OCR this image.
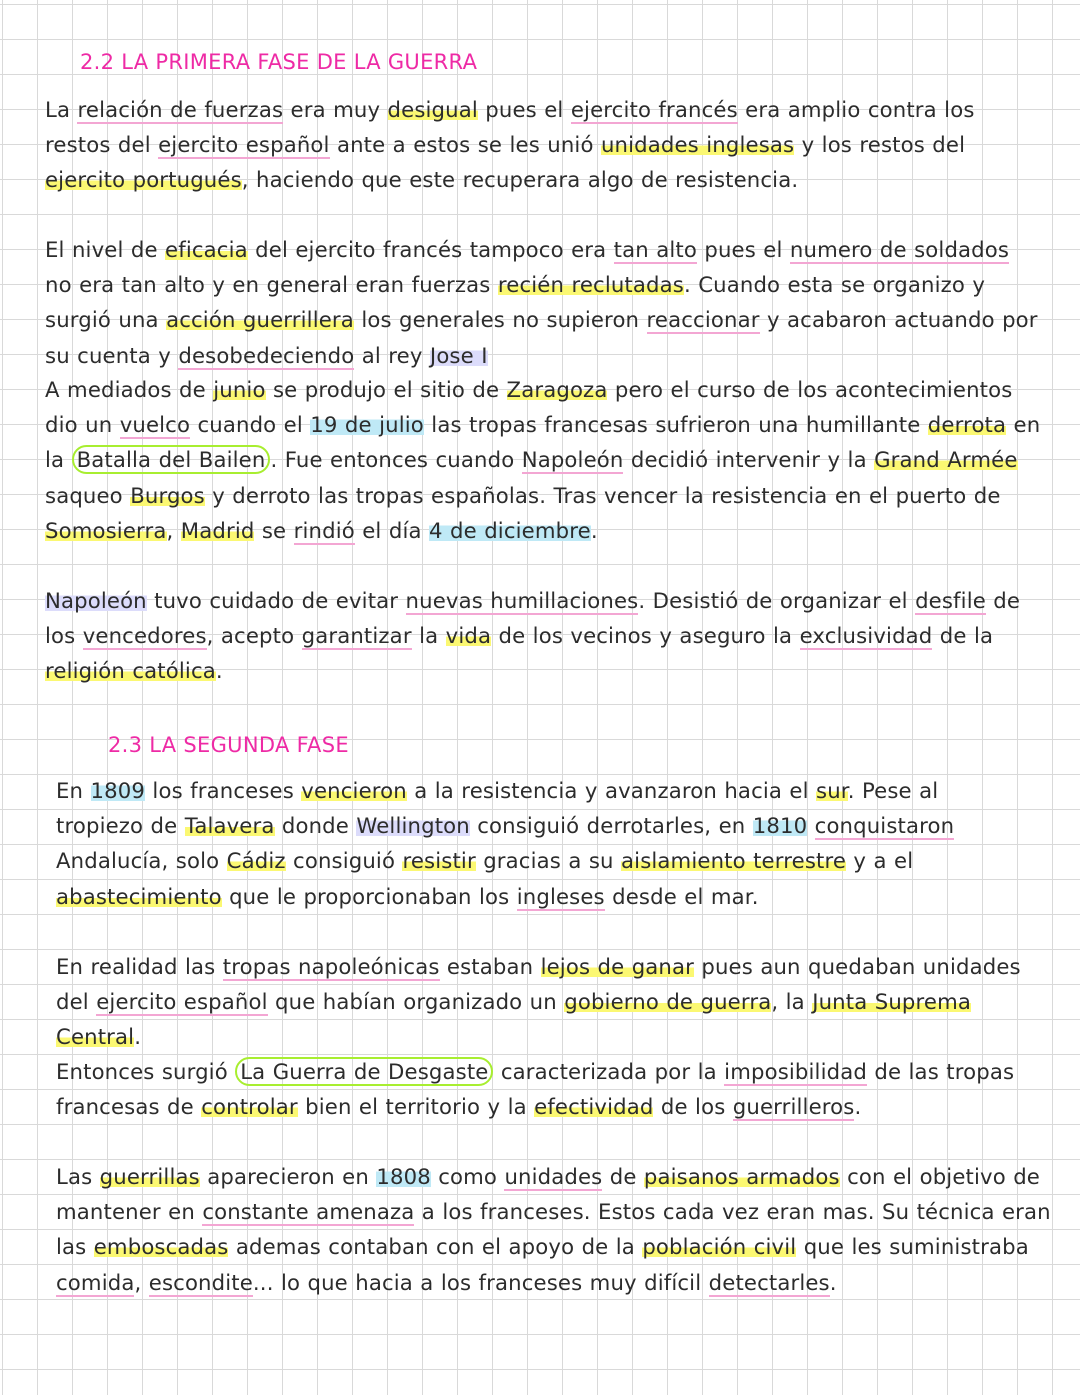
2.2 LA PRIMERA FASE DE LA GUERRA

La relación de fuerzas era muy desigual pues el ejercito francés era amplio contra los restos del ejercito español ante a estos se les unió unidades inglesas y los restos del ejercito portugués, haciendo que este recuperara algo de resistencia.

El nivel de eficacia del ejercito francés tampoco era tan alto pues el numero de soldados no era tan alto y en general eran fuerzas recién reclutadas. Cuando esta se organizo y surgió una acción guerrillera los generales no supieron reaccionar y acabaron actuando por su cuenta y desobedeciendo al rey Jose I

A mediados de junio se produjo el sitio de Zaragoza pero el curso de los acontecimientos dio un vuelco cuando el 19 de julio las tropas francesas sufrieron una humillante derrota en la Batalla del Bailen . Fue entonces cuando Napoleón decidió intervenir y la Grand Armée saqueo Burgos y derroto las tropas españolas. Tras vencer la resistencia en el puerto de Somosierra, Madrid se rindió el día 4 de diciembre.

Napoleón tuvo cuidado de evitar nuevas humillaciones. Desistió de organizar el desfile de los vencedores, acepto garantizar la vida de los vecinos y aseguro la exclusividad de la religión católica.

2.3 LA SEGUNDA FASE

En 1809 los franceses vencieron a la resistencia y avanzaron hacia el sur. Pese al tropiezo de Talavera donde Wellington consiguió derrotarles, en 1810 conquistaron Andalucía, solo Cádiz consiguió resistir gracias a su aislamiento terrestre y a el abastecimiento que le proporcionaban los ingleses desde el mar.

En realidad las tropas napoleónicas estaban lejos de ganar pues aun quedaban unidades del ejercito español que habían organizado un gobierno de guerra, la Junta Suprema Central.

Entonces surgió La Guerra de Desgaste caracterizada por la imposibilidad de las tropas francesas de controlar bien el territorio y la efectividad de los guerrilleros.

Las guerrillas aparecieron en 1808 como unidades de paisanos armados con el objetivo de mantener en constante amenaza a los franceses. Estos cada vez eran mas. Su técnica eran las emboscadas ademas contaban con el apoyo de la población civil que les suministraba comida, escondite... lo que hacia a los franceses muy difícil detectarles.
